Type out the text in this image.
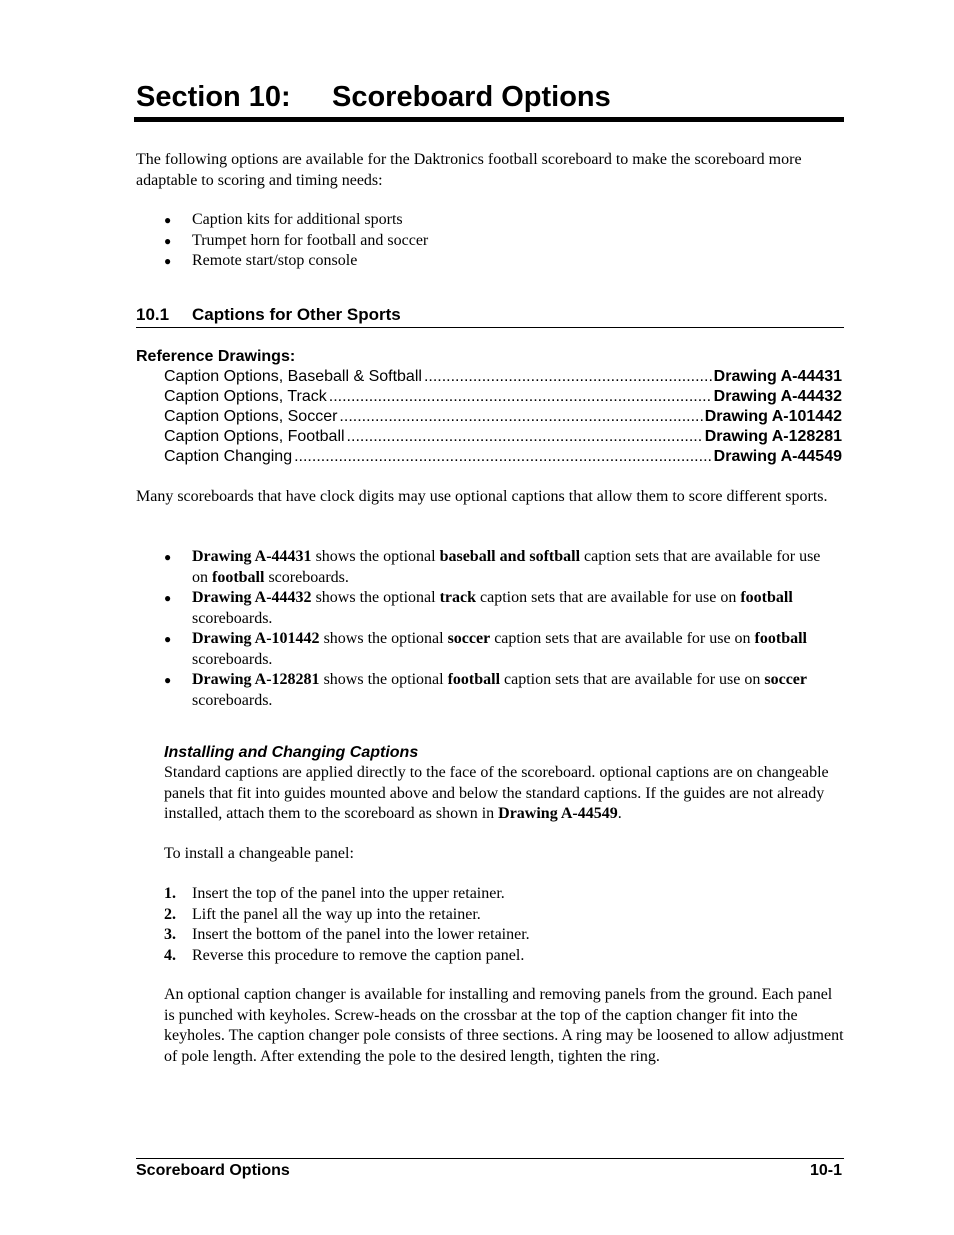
Section 10: Scoreboard Options

The following options are available for the Daktronics football scoreboard to make the scoreboard more adaptable to scoring and timing needs:

● Caption kits for additional sports
● Trumpet horn for football and soccer
● Remote start/stop console
10.1 Captions for Other Sports
Reference Drawings:
Caption Options, Baseball & Softball .....	Drawing A-44431
Caption Options, Track .....	Drawing A-44432
Caption Options, Soccer .....	Drawing A-101442
Caption Options, Football .....	Drawing A-128281
Caption Changing .....	Drawing A-44549

Many scoreboards that have clock digits may use optional captions that allow them to score different sports.

● Drawing A-44431 shows the optional baseball and softball caption sets that are available for use on football scoreboards.
● Drawing A-44432 shows the optional track caption sets that are available for use on football scoreboards.
● Drawing A-101442 shows the optional soccer caption sets that are available for use on football scoreboards.
● Drawing A-128281 shows the optional football caption sets that are available for use on soccer scoreboards.
Installing and Changing Captions

Standard captions are applied directly to the face of the scoreboard. optional captions are on changeable panels that fit into guides mounted above and below the standard captions. If the guides are not already installed, attach them to the scoreboard as shown in Drawing A-44549.

To install a changeable panel:

1. Insert the top of the panel into the upper retainer.
2. Lift the panel all the way up into the retainer.
3. Insert the bottom of the panel into the lower retainer.
4. Reverse this procedure to remove the caption panel.

An optional caption changer is available for installing and removing panels from the ground. Each panel is punched with keyholes. Screw-heads on the crossbar at the top of the caption changer fit into the keyholes. The caption changer pole consists of three sections. A ring may be loosened to allow adjustment of pole length. After extending the pole to the desired length, tighten the ring.

Scoreboard Options	10-1
